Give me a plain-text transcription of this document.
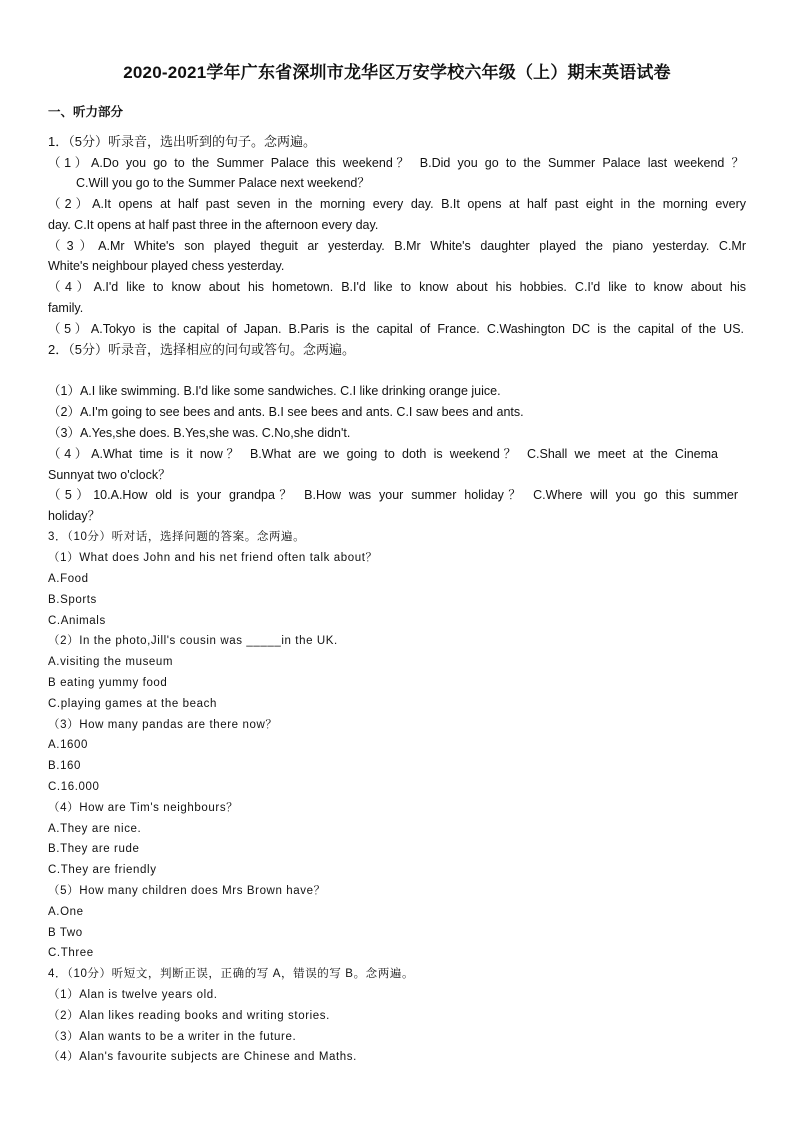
2020-2021学年广东省深圳市龙华区万安学校六年级（上）期末英语试卷
一、听力部分
1．（5分）听录音，选出听到的句子。念两遍。
（1）A.Do you go to the Summer Palace this weekend？ B.Did you go to the Summer Palace last weekend ？
C.Will you go to the Summer Palace next weekend？
（2）A.It opens at half past seven in the morning every day. B.It opens at half past eight in the morning every
day. C.It opens at half past three in the afternoon every day.
（3）A.Mr White's son played theguit ar yesterday. B.Mr White's daughter played the piano yesterday. C.Mr
White's neighbour played chess yesterday.
（4）A.I'd like to know about his hometown. B.I'd like to know about his hobbies. C.I'd like to know about his
family.
（5）A.Tokyo is the capital of Japan. B.Paris is the capital of France. C.Washington DC is the capital of the US.
2．（5分）听录音，选择相应的问句或答句。念两遍。
（1）A.I like swimming. B.I'd like some sandwiches. C.I like drinking orange juice.
（2）A.I'm going to see bees and ants. B.I see bees and ants. C.I saw bees and ants.
（3）A.Yes,she does. B.Yes,she was. C.No,she didn't.
（4）A.What time is it now？ B.What are we going to doth is weekend？ C.Shall we meet at the Cinema
Sunnyat two o'clock？
（5）10.A.How old is your grandpa？ B.How was your summer holiday？ C.Where will you go this summer
holiday？
3．（10分）听对话，选择问题的答案。念两遍。
（1）What does John and his net friend often talk about？
A.Food
B.Sports
C.Animals
（2）In the photo,Jill's cousin was _____in the UK.
A.visiting the museum
B eating yummy food
C.playing games at the beach
（3）How many pandas are there now？
A.1600
B.160
C.16.000
（4）How are Tim's neighbours？
A.They are nice.
B.They are rude
C.They are friendly
（5）How many children does Mrs Brown have？
A.One
B Two
C.Three
4．（10分）听短文，判断正误，正确的写 A，错误的写 B。念两遍。
（1）Alan is twelve years old.
（2）Alan likes reading books and writing stories.
（3）Alan wants to be a writer in the future.
（4）Alan's favourite subjects are Chinese and Maths.
